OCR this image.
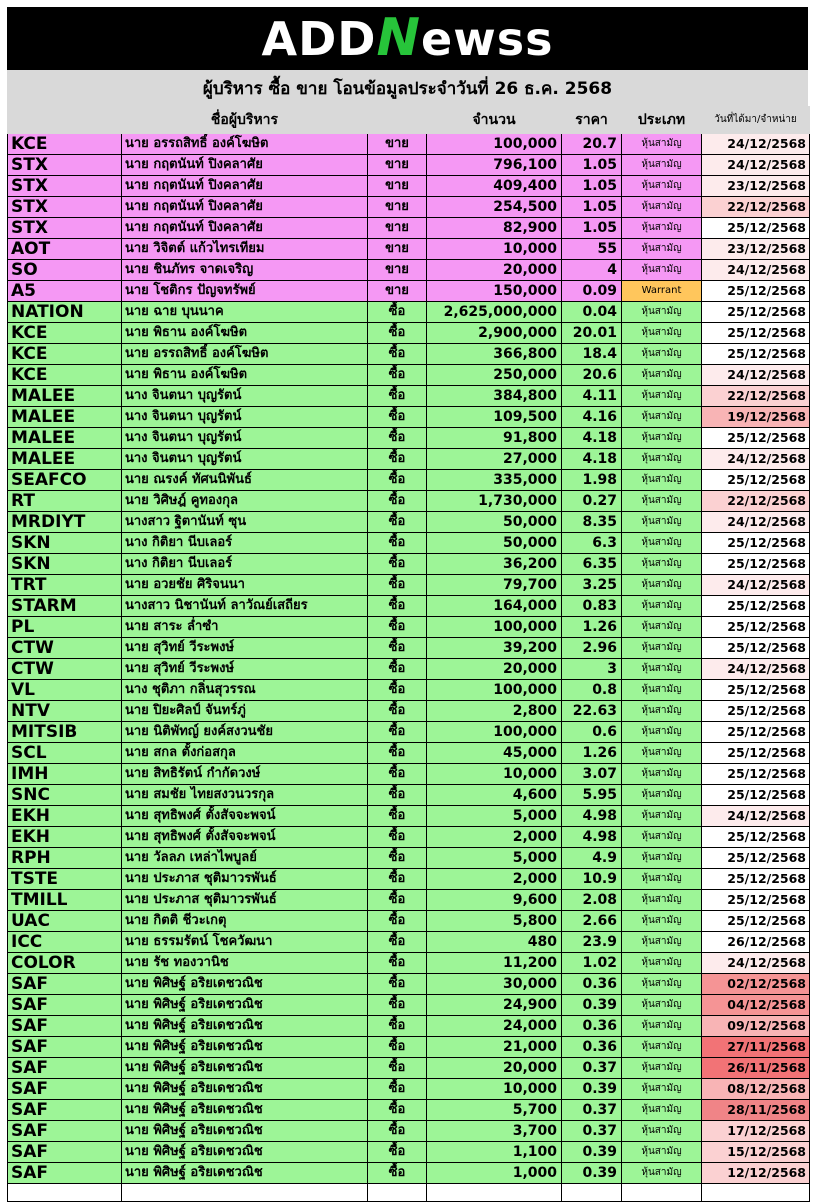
ADDNewss
ผู้บริหาร ซื้อ ขาย โอนข้อมูลประจำวันที่ 26 ธ.ค. 2568
	ชื่อผู้บริหาร		จำนวน	ราคา	ประเภท	วันที่ได้มา/จำหน่าย
KCE	นาย อรรถสิทธิ์ องค์โฆษิต	ขาย	100,000	20.7	หุ้นสามัญ	24/12/2568
STX	นาย กฤตนันท์ ปิงคลาศัย	ขาย	796,100	1.05	หุ้นสามัญ	24/12/2568
STX	นาย กฤตนันท์ ปิงคลาศัย	ขาย	409,400	1.05	หุ้นสามัญ	23/12/2568
STX	นาย กฤตนันท์ ปิงคลาศัย	ขาย	254,500	1.05	หุ้นสามัญ	22/12/2568
STX	นาย กฤตนันท์ ปิงคลาศัย	ขาย	82,900	1.05	หุ้นสามัญ	25/12/2568
AOT	นาย วิจิตต์ แก้วไทรเทียม	ขาย	10,000	55	หุ้นสามัญ	23/12/2568
SO	นาย ชินภัทร จาดเจริญ	ขาย	20,000	4	หุ้นสามัญ	24/12/2568
A5	นาย โชติกร ปัญจทรัพย์	ขาย	150,000	0.09	Warrant	25/12/2568
NATION	นาย ฉาย บุนนาค	ซื้อ	2,625,000,000	0.04	หุ้นสามัญ	25/12/2568
KCE	นาย พิธาน องค์โฆษิต	ซื้อ	2,900,000	20.01	หุ้นสามัญ	25/12/2568
KCE	นาย อรรถสิทธิ์ องค์โฆษิต	ซื้อ	366,800	18.4	หุ้นสามัญ	25/12/2568
KCE	นาย พิธาน องค์โฆษิต	ซื้อ	250,000	20.6	หุ้นสามัญ	24/12/2568
MALEE	นาง จินตนา บุญรัตน์	ซื้อ	384,800	4.11	หุ้นสามัญ	22/12/2568
MALEE	นาง จินตนา บุญรัตน์	ซื้อ	109,500	4.16	หุ้นสามัญ	19/12/2568
MALEE	นาง จินตนา บุญรัตน์	ซื้อ	91,800	4.18	หุ้นสามัญ	25/12/2568
MALEE	นาง จินตนา บุญรัตน์	ซื้อ	27,000	4.18	หุ้นสามัญ	24/12/2568
SEAFCO	นาย ณรงค์ ทัศนนิพันธ์	ซื้อ	335,000	1.98	หุ้นสามัญ	25/12/2568
RT	นาย วิศิษฎ์ คูทองกุล	ซื้อ	1,730,000	0.27	หุ้นสามัญ	22/12/2568
MRDIYT	นางสาว ฐิตานันท์ ซุน	ซื้อ	50,000	8.35	หุ้นสามัญ	24/12/2568
SKN	นาง กิติยา นีบเลอร์	ซื้อ	50,000	6.3	หุ้นสามัญ	25/12/2568
SKN	นาง กิติยา นีบเลอร์	ซื้อ	36,200	6.35	หุ้นสามัญ	25/12/2568
TRT	นาย อวยชัย ศิริจนนา	ซื้อ	79,700	3.25	หุ้นสามัญ	24/12/2568
STARM	นางสาว นิชานันท์ ลาวัณย์เสถียร	ซื้อ	164,000	0.83	หุ้นสามัญ	25/12/2568
PL	นาย สาระ ล่ำซำ	ซื้อ	100,000	1.26	หุ้นสามัญ	25/12/2568
CTW	นาย สุวิทย์ วีระพงษ์	ซื้อ	39,200	2.96	หุ้นสามัญ	25/12/2568
CTW	นาย สุวิทย์ วีระพงษ์	ซื้อ	20,000	3	หุ้นสามัญ	24/12/2568
VL	นาง ชุติภา กลิ่นสุวรรณ	ซื้อ	100,000	0.8	หุ้นสามัญ	25/12/2568
NTV	นาย ปิยะศิลป์ จันทร์ภู่	ซื้อ	2,800	22.63	หุ้นสามัญ	25/12/2568
MITSIB	นาย นิติพัทญ์ ยงค์สงวนชัย	ซื้อ	100,000	0.6	หุ้นสามัญ	25/12/2568
SCL	นาย สกล ตั้งก่อสกุล	ซื้อ	45,000	1.26	หุ้นสามัญ	25/12/2568
IMH	นาย สิทธิรัตน์ กำกัดวงษ์	ซื้อ	10,000	3.07	หุ้นสามัญ	25/12/2568
SNC	นาย สมชัย ไทยสงวนวรกุล	ซื้อ	4,600	5.95	หุ้นสามัญ	25/12/2568
EKH	นาย สุทธิพงศ์ ตั้งสัจจะพจน์	ซื้อ	5,000	4.98	หุ้นสามัญ	24/12/2568
EKH	นาย สุทธิพงศ์ ตั้งสัจจะพจน์	ซื้อ	2,000	4.98	หุ้นสามัญ	25/12/2568
RPH	นาย วัลลภ เหล่าไพบูลย์	ซื้อ	5,000	4.9	หุ้นสามัญ	25/12/2568
TSTE	นาย ประภาส ชุติมาวรพันธ์	ซื้อ	2,000	10.9	หุ้นสามัญ	25/12/2568
TMILL	นาย ประภาส ชุติมาวรพันธ์	ซื้อ	9,600	2.08	หุ้นสามัญ	25/12/2568
UAC	นาย กิตติ ชีวะเกตุ	ซื้อ	5,800	2.66	หุ้นสามัญ	25/12/2568
ICC	นาย ธรรมรัตน์ โชควัฒนา	ซื้อ	480	23.9	หุ้นสามัญ	26/12/2568
COLOR	นาย รัช ทองวานิช	ซื้อ	11,200	1.02	หุ้นสามัญ	24/12/2568
SAF	นาย พิศิษฐ์ อริยเดชวณิช	ซื้อ	30,000	0.36	หุ้นสามัญ	02/12/2568
SAF	นาย พิศิษฐ์ อริยเดชวณิช	ซื้อ	24,900	0.39	หุ้นสามัญ	04/12/2568
SAF	นาย พิศิษฐ์ อริยเดชวณิช	ซื้อ	24,000	0.36	หุ้นสามัญ	09/12/2568
SAF	นาย พิศิษฐ์ อริยเดชวณิช	ซื้อ	21,000	0.36	หุ้นสามัญ	27/11/2568
SAF	นาย พิศิษฐ์ อริยเดชวณิช	ซื้อ	20,000	0.37	หุ้นสามัญ	26/11/2568
SAF	นาย พิศิษฐ์ อริยเดชวณิช	ซื้อ	10,000	0.39	หุ้นสามัญ	08/12/2568
SAF	นาย พิศิษฐ์ อริยเดชวณิช	ซื้อ	5,700	0.37	หุ้นสามัญ	28/11/2568
SAF	นาย พิศิษฐ์ อริยเดชวณิช	ซื้อ	3,700	0.37	หุ้นสามัญ	17/12/2568
SAF	นาย พิศิษฐ์ อริยเดชวณิช	ซื้อ	1,100	0.39	หุ้นสามัญ	15/12/2568
SAF	นาย พิศิษฐ์ อริยเดชวณิช	ซื้อ	1,000	0.39	หุ้นสามัญ	12/12/2568
